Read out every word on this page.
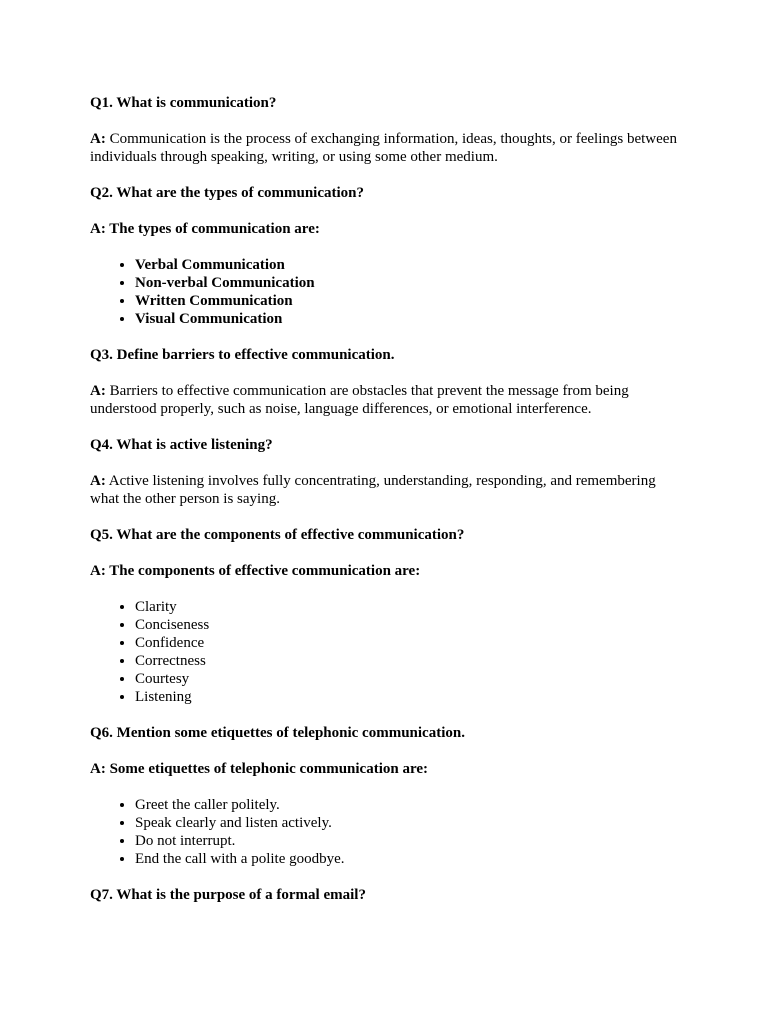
Q1. What is communication?
A: Communication is the process of exchanging information, ideas, thoughts, or feelings between individuals through speaking, writing, or using some other medium.
Q2. What are the types of communication?
A: The types of communication are:
• Verbal Communication
• Non-verbal Communication
• Written Communication
• Visual Communication
Q3. Define barriers to effective communication.
A: Barriers to effective communication are obstacles that prevent the message from being understood properly, such as noise, language differences, or emotional interference.
Q4. What is active listening?
A: Active listening involves fully concentrating, understanding, responding, and remembering what the other person is saying.
Q5. What are the components of effective communication?
A: The components of effective communication are:
• Clarity
• Conciseness
• Confidence
• Correctness
• Courtesy
• Listening
Q6. Mention some etiquettes of telephonic communication.
A: Some etiquettes of telephonic communication are:
• Greet the caller politely.
• Speak clearly and listen actively.
• Do not interrupt.
• End the call with a polite goodbye.
Q7. What is the purpose of a formal email?
